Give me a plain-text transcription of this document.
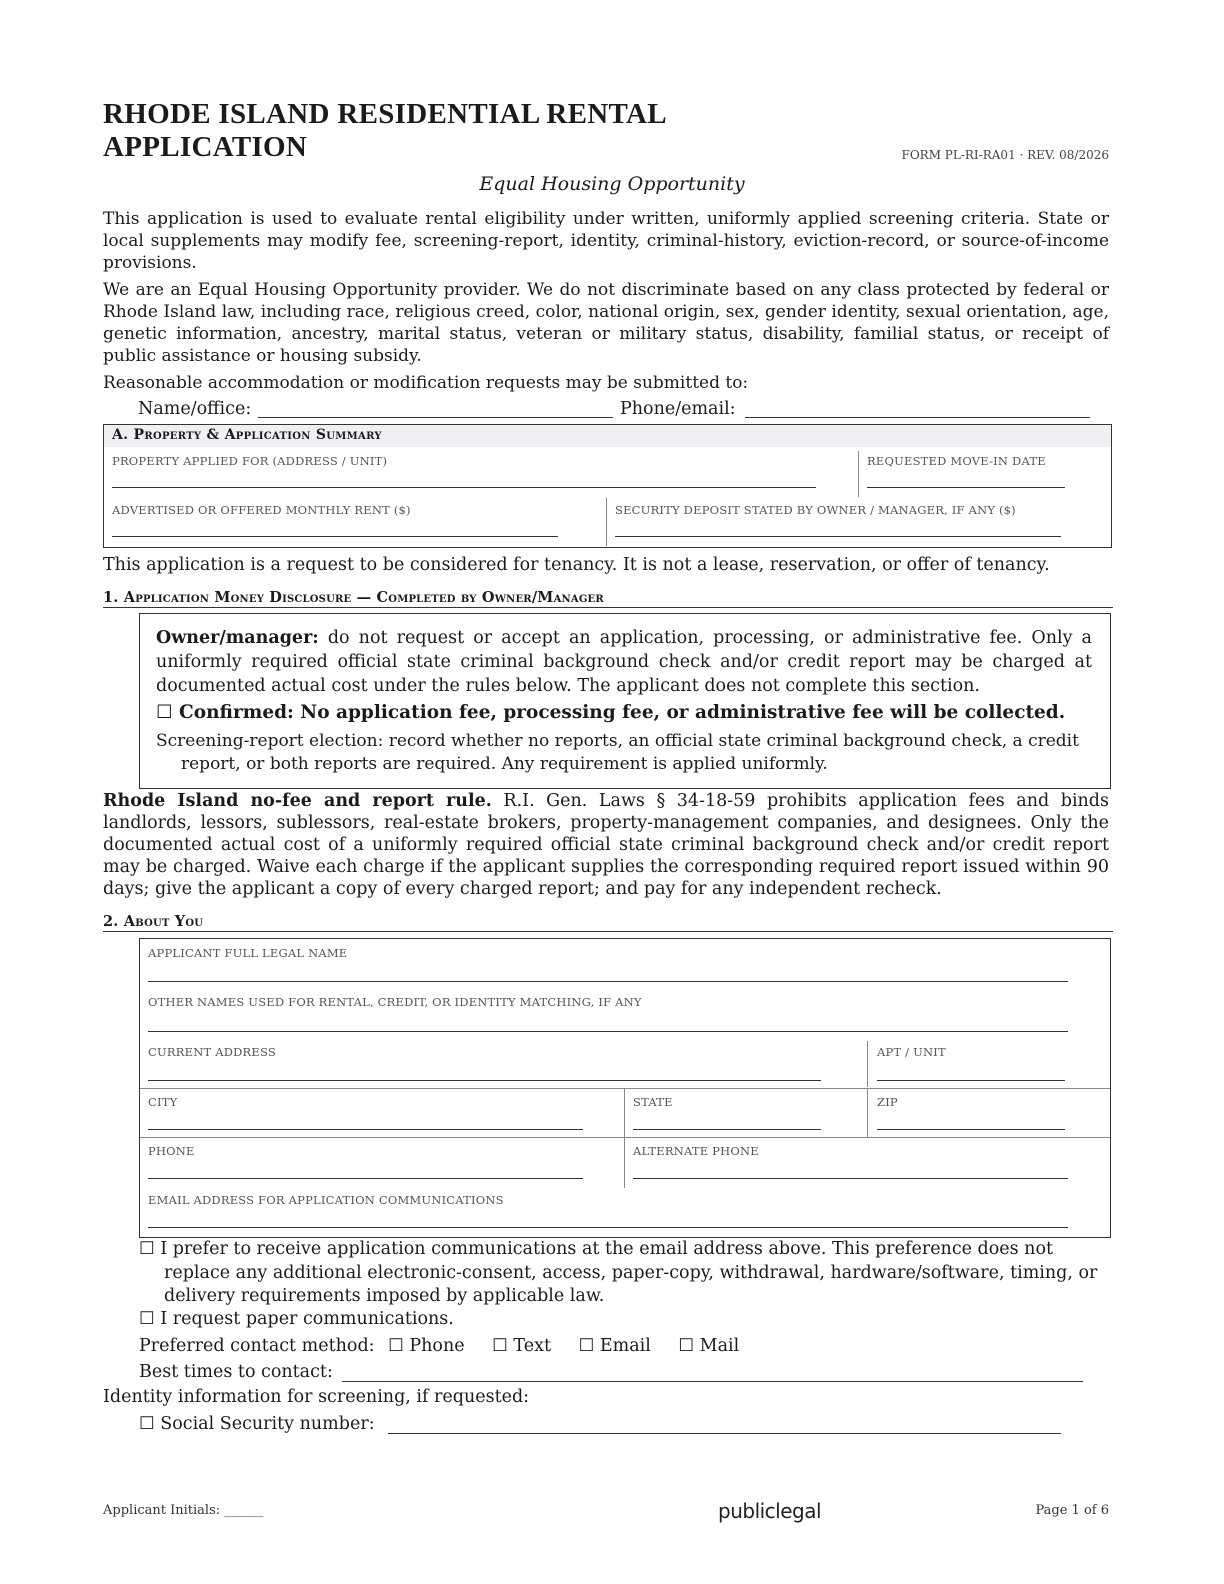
RHODE ISLAND RESIDENTIAL RENTAL
APPLICATION	FORM PL-RI-RA01 · REV. 08/2026
Equal Housing Opportunity
This application is used to evaluate rental eligibility under written, uniformly applied screening criteria. State or local supplements may modify fee, screening-report, identity, criminal-history, eviction-record, or source-of-income provisions.
We are an Equal Housing Opportunity provider. We do not discriminate based on any class protected by federal or Rhode Island law, including race, religious creed, color, national origin, sex, gender identity, sexual orientation, age, genetic information, ancestry, marital status, veteran or military status, disability, familial status, or receipt of public assistance or housing subsidy.
Reasonable accommodation or modification requests may be submitted to:
Name/office:	Phone/email:
A. Property & Application Summary
PROPERTY APPLIED FOR (ADDRESS / UNIT)	REQUESTED MOVE-IN DATE
ADVERTISED OR OFFERED MONTHLY RENT ($)	SECURITY DEPOSIT STATED BY OWNER / MANAGER, IF ANY ($)
This application is a request to be considered for tenancy. It is not a lease, reservation, or offer of tenancy.
1. Application Money Disclosure — Completed by Owner/Manager
Owner/manager: do not request or accept an application, processing, or administrative fee. Only a uniformly required official state criminal background check and/or credit report may be charged at documented actual cost under the rules below. The applicant does not complete this section.
☐ Confirmed: No application fee, processing fee, or administrative fee will be collected.
Screening-report election: record whether no reports, an official state criminal background check, a credit report, or both reports are required. Any requirement is applied uniformly.
Rhode Island no-fee and report rule. R.I. Gen. Laws § 34-18-59 prohibits application fees and binds landlords, lessors, sublessors, real-estate brokers, property-management companies, and designees. Only the documented actual cost of a uniformly required official state criminal background check and/or credit report may be charged. Waive each charge if the applicant supplies the corresponding required report issued within 90 days; give the applicant a copy of every charged report; and pay for any independent recheck.
2. About You
APPLICANT FULL LEGAL NAME
OTHER NAMES USED FOR RENTAL, CREDIT, OR IDENTITY MATCHING, IF ANY
CURRENT ADDRESS	APT / UNIT
CITY	STATE	ZIP
PHONE	ALTERNATE PHONE
EMAIL ADDRESS FOR APPLICATION COMMUNICATIONS
☐ I prefer to receive application communications at the email address above. This preference does not replace any additional electronic-consent, access, paper-copy, withdrawal, hardware/software, timing, or delivery requirements imposed by applicable law.
☐ I request paper communications.
Preferred contact method: ☐ Phone ☐ Text ☐ Email ☐ Mail
Best times to contact:
Identity information for screening, if requested:
☐ Social Security number:
Applicant Initials: ______	publiclegal	Page 1 of 6
